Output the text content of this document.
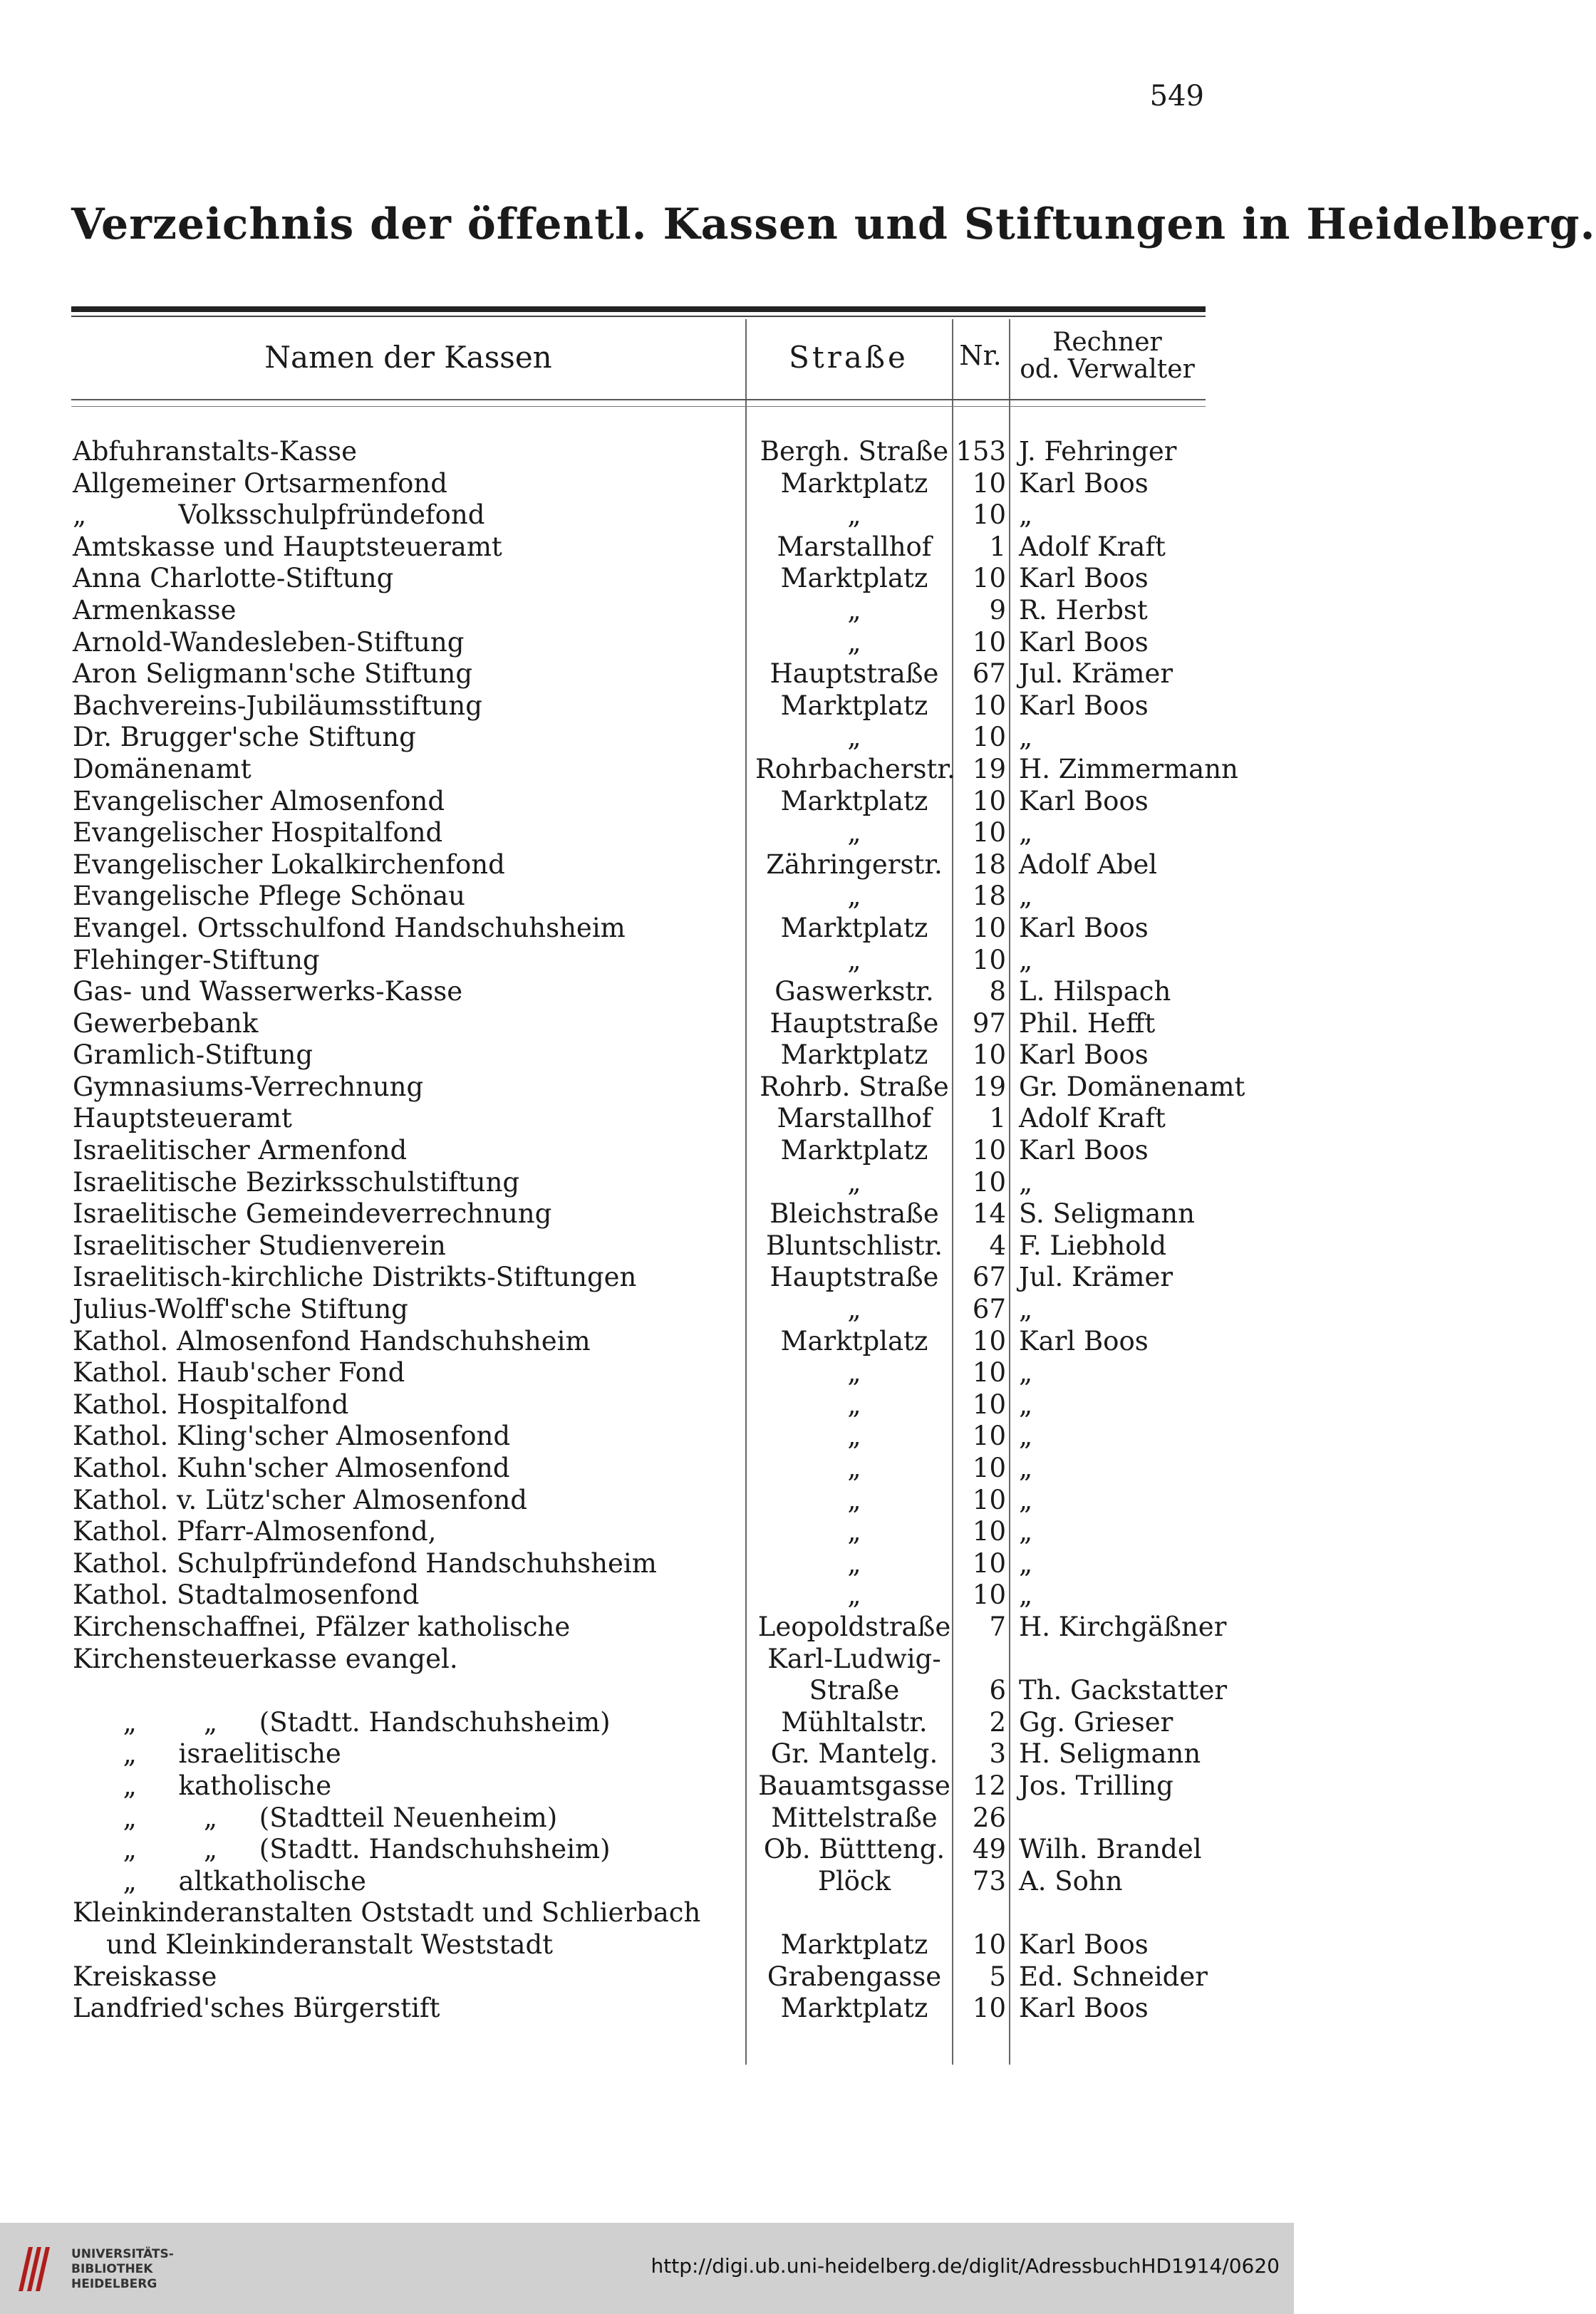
549
Verzeichnis der öffentl. Kassen und Stiftungen in Heidelberg.
Namen der Kassen	Straße	Nr.	Rechner
od. Verwalter
Abfuhranstalts-Kasse	Bergh. Straße 153 J. Fehringer
Allgemeiner Ortsarmenfond	Marktplatz	10 Karl Boos
„           Volksschulpfründefond	„	10 „
Amtskasse und Hauptsteueramt	Marstallhof	1 Adolf Kraft
Anna Charlotte-Stiftung	Marktplatz	10 Karl Boos
Armenkasse	„	9 R. Herbst
Arnold-Wandesleben-Stiftung	„	10 Karl Boos
Aron Seligmann'sche Stiftung	Hauptstraße	67 Jul. Krämer
Bachvereins-Jubiläumsstiftung	Marktplatz	10 Karl Boos
Dr. Brugger'sche Stiftung	„	10 „
Domänenamt	Rohrbacherstr. 19 H. Zimmermann
Evangelischer Almosenfond	Marktplatz	10 Karl Boos
Evangelischer Hospitalfond	„	10 „
Evangelischer Lokalkirchenfond	Zähringerstr.	18 Adolf Abel
Evangelische Pflege Schönau	„	18 „
Evangel. Ortsschulfond Handschuhsheim	Marktplatz	10 Karl Boos
Flehinger-Stiftung	„	10 „
Gas- und Wasserwerks-Kasse	Gaswerkstr.	8 L. Hilspach
Gewerbebank	Hauptstraße	97 Phil. Hefft
Gramlich-Stiftung	Marktplatz	10 Karl Boos
Gymnasiums-Verrechnung	Rohrb. Straße 19 Gr. Domänenamt
Hauptsteueramt	Marstallhof	1 Adolf Kraft
Israelitischer Armenfond	Marktplatz	10 Karl Boos
Israelitische Bezirksschulstiftung	„	10 „
Israelitische Gemeindeverrechnung	Bleichstraße	14 S. Seligmann
Israelitischer Studienverein	Bluntschlistr.	4 F. Liebhold
Israelitisch-kirchliche Distrikts-Stiftungen	Hauptstraße	67 Jul. Krämer
Julius-Wolff'sche Stiftung	„	67 „
Kathol. Almosenfond Handschuhsheim	Marktplatz	10 Karl Boos
Kathol. Haub'scher Fond	„	10 „
Kathol. Hospitalfond	„	10 „
Kathol. Kling'scher Almosenfond	„	10 „
Kathol. Kuhn'scher Almosenfond	„	10 „
Kathol. v. Lütz'scher Almosenfond	„	10 „
Kathol. Pfarr-Almosenfond,	„	10 „
Kathol. Schulpfründefond Handschuhsheim	„	10 „
Kathol. Stadtalmosenfond	„	10 „
Kirchenschaffnei, Pfälzer katholische	Leopoldstraße	7 H. Kirchgäßner
Kirchensteuerkasse evangel.	Karl-Ludwig-
Straße	6 Th. Gackstatter
„        „     (Stadtt. Handschuhsheim)	Mühltalstr.	2 Gg. Grieser
„     israelitische	Gr. Mantelg.	3 H. Seligmann
„     katholische	Bauamtsgasse 12 Jos. Trilling
„        „     (Stadtteil Neuenheim)	Mittelstraße	26
„        „     (Stadtt. Handschuhsheim)	Ob. Büttteng.	49 Wilh. Brandel
„     altkatholische	Plöck	73 A. Sohn
Kleinkinderanstalten Oststadt und Schlierbach
und Kleinkinderanstalt Weststadt	Marktplatz	10 Karl Boos
Kreiskasse	Grabengasse	5 Ed. Schneider
Landfried'sches Bürgerstift	Marktplatz	10 Karl Boos
UNIVERSITÄTS-
BIBLIOTHEK
HEIDELBERG
http://digi.ub.uni-heidelberg.de/diglit/AdressbuchHD1914/0620
